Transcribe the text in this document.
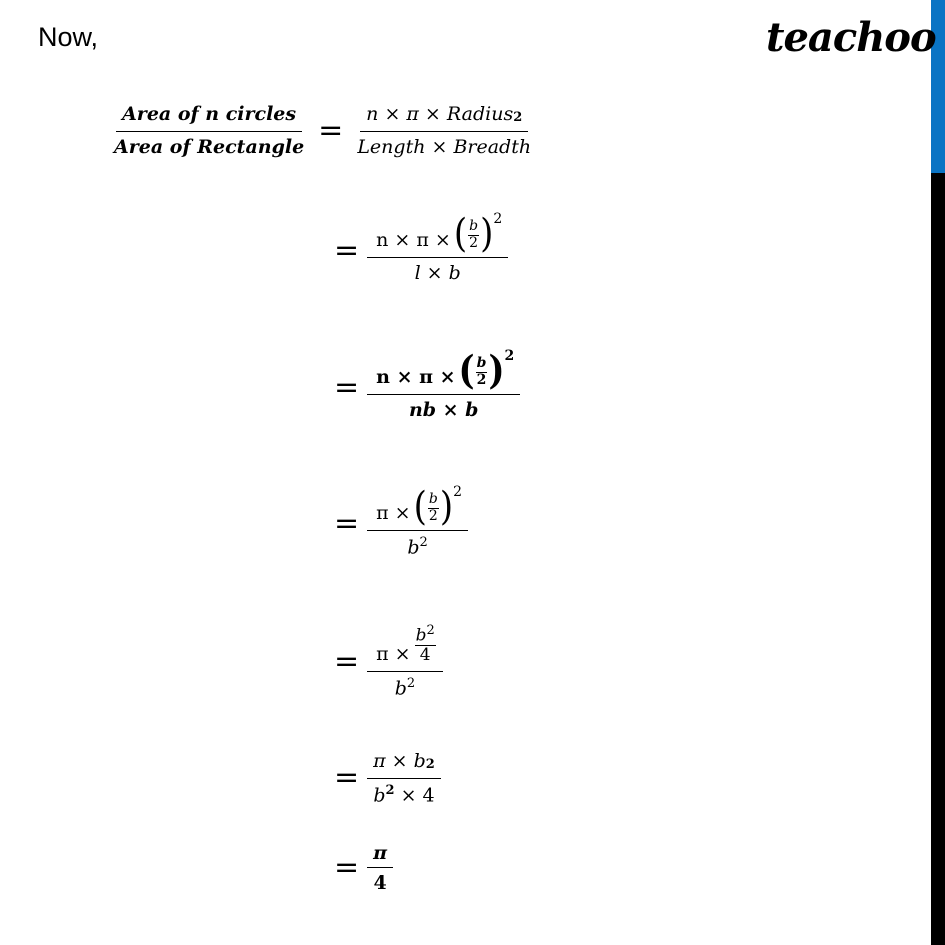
Now,	teachoo
$\frac{\text{Area of n circles}}{\text{Area of Rectangle}} = \frac{\text{n × π × Radius 2}}{\text{Length × Breadth}}$
= n × π × ( b
2 ) 2
l × b
= n × π × ( b
2 ) 2
nb × b
= π × ( b
2 ) 2
$b^2$
= $\frac{\pi \times \frac{b^2}{4}}{b^2}$
= $\frac{\pi \times b 2}{b^2 \times 4}$
= $\frac{\pi}{4}$
